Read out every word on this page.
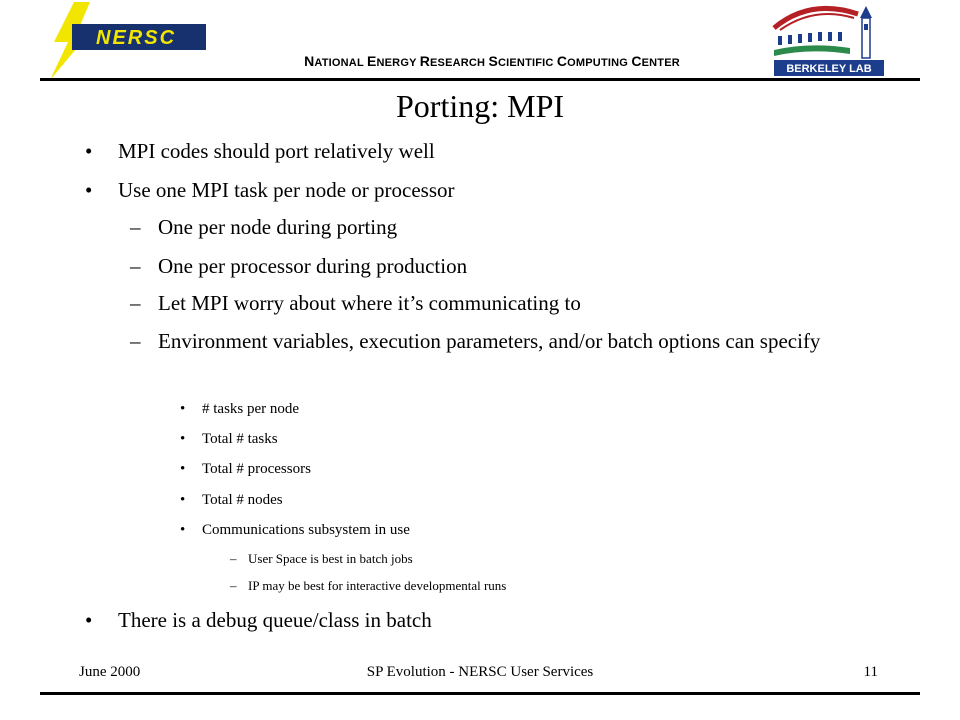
NERSC
NATIONAL ENERGY RESEARCH SCIENTIFIC COMPUTING CENTER	BERKELEY LAB
Porting: MPI
• MPI codes should port relatively well
• Use one MPI task per node or processor
– One per node during porting
– One per processor during production
– Let MPI worry about where it’s communicating to
– Environment variables, execution parameters, and/or batch options can specify
• # tasks per node
• Total # tasks
• Total # processors
• Total # nodes
• Communications subsystem in use
– User Space is best in batch jobs
– IP may be best for interactive developmental runs
• There is a debug queue/class in batch
June 2000	SP Evolution - NERSC User Services	11
